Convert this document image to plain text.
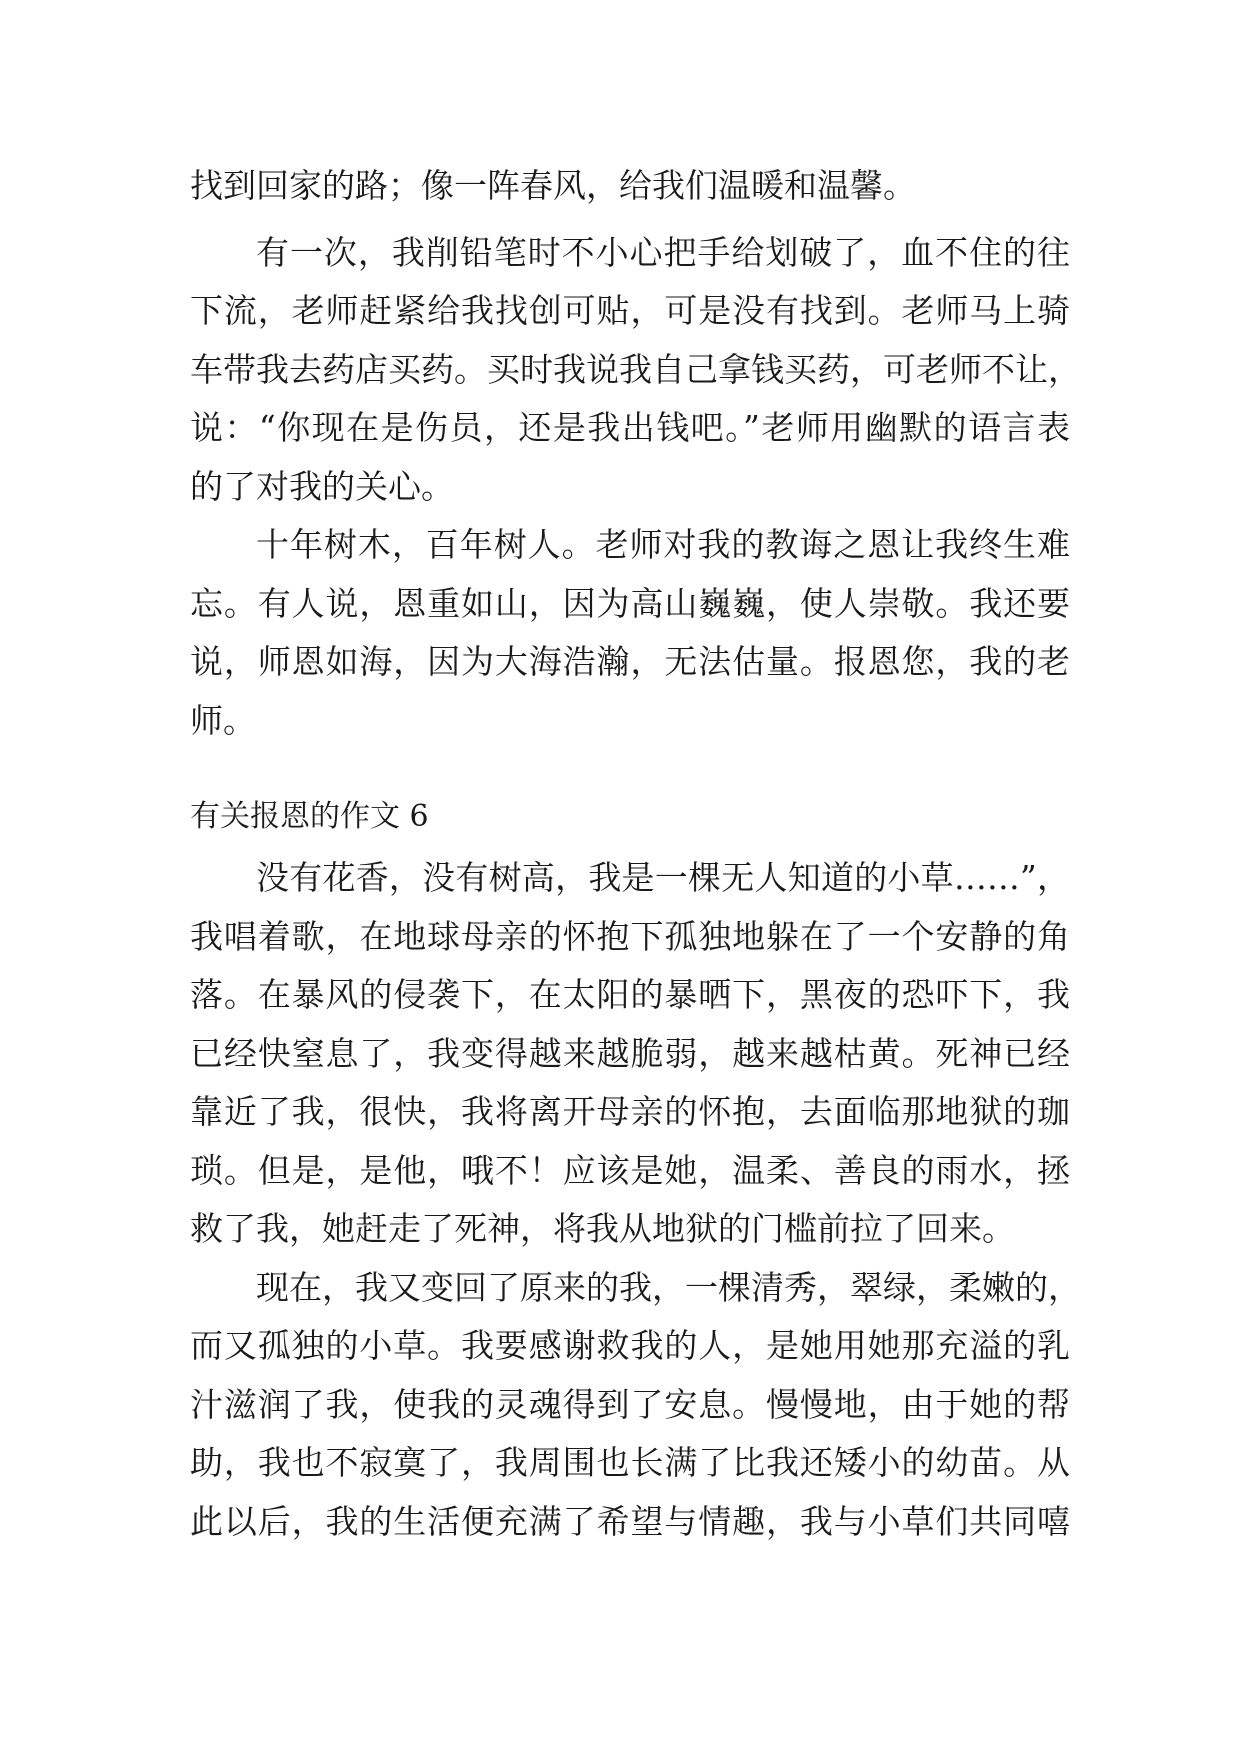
找到回家的路；像一阵春风，给我们温暖和温馨。
有一次，我削铅笔时不小心把手给划破了，血不住的往
下流，老师赶紧给我找创可贴，可是没有找到。老师马上骑
车带我去药店买药。买时我说我自己拿钱买药，可老师不让，
说：“你现在是伤员，还是我出钱吧。”老师用幽默的语言表
的了对我的关心。
十年树木，百年树人。老师对我的教诲之恩让我终生难
忘。有人说，恩重如山，因为高山巍巍，使人崇敬。我还要
说，师恩如海，因为大海浩瀚，无法估量。报恩您，我的老
师。
有关报恩的作文 6
没有花香，没有树高，我是一棵无人知道的小草……”，
我唱着歌，在地球母亲的怀抱下孤独地躲在了一个安静的角
落。在暴风的侵袭下，在太阳的暴晒下，黑夜的恐吓下，我
已经快窒息了，我变得越来越脆弱，越来越枯黄。死神已经
靠近了我，很快，我将离开母亲的怀抱，去面临那地狱的珈
琐。但是，是他，哦不！应该是她，温柔、善良的雨水，拯
救了我，她赶走了死神，将我从地狱的门槛前拉了回来。
现在，我又变回了原来的我，一棵清秀，翠绿，柔嫩的，
而又孤独的小草。我要感谢救我的人，是她用她那充溢的乳
汁滋润了我，使我的灵魂得到了安息。慢慢地，由于她的帮
助，我也不寂寞了，我周围也长满了比我还矮小的幼苗。从
此以后，我的生活便充满了希望与情趣，我与小草们共同嘻
